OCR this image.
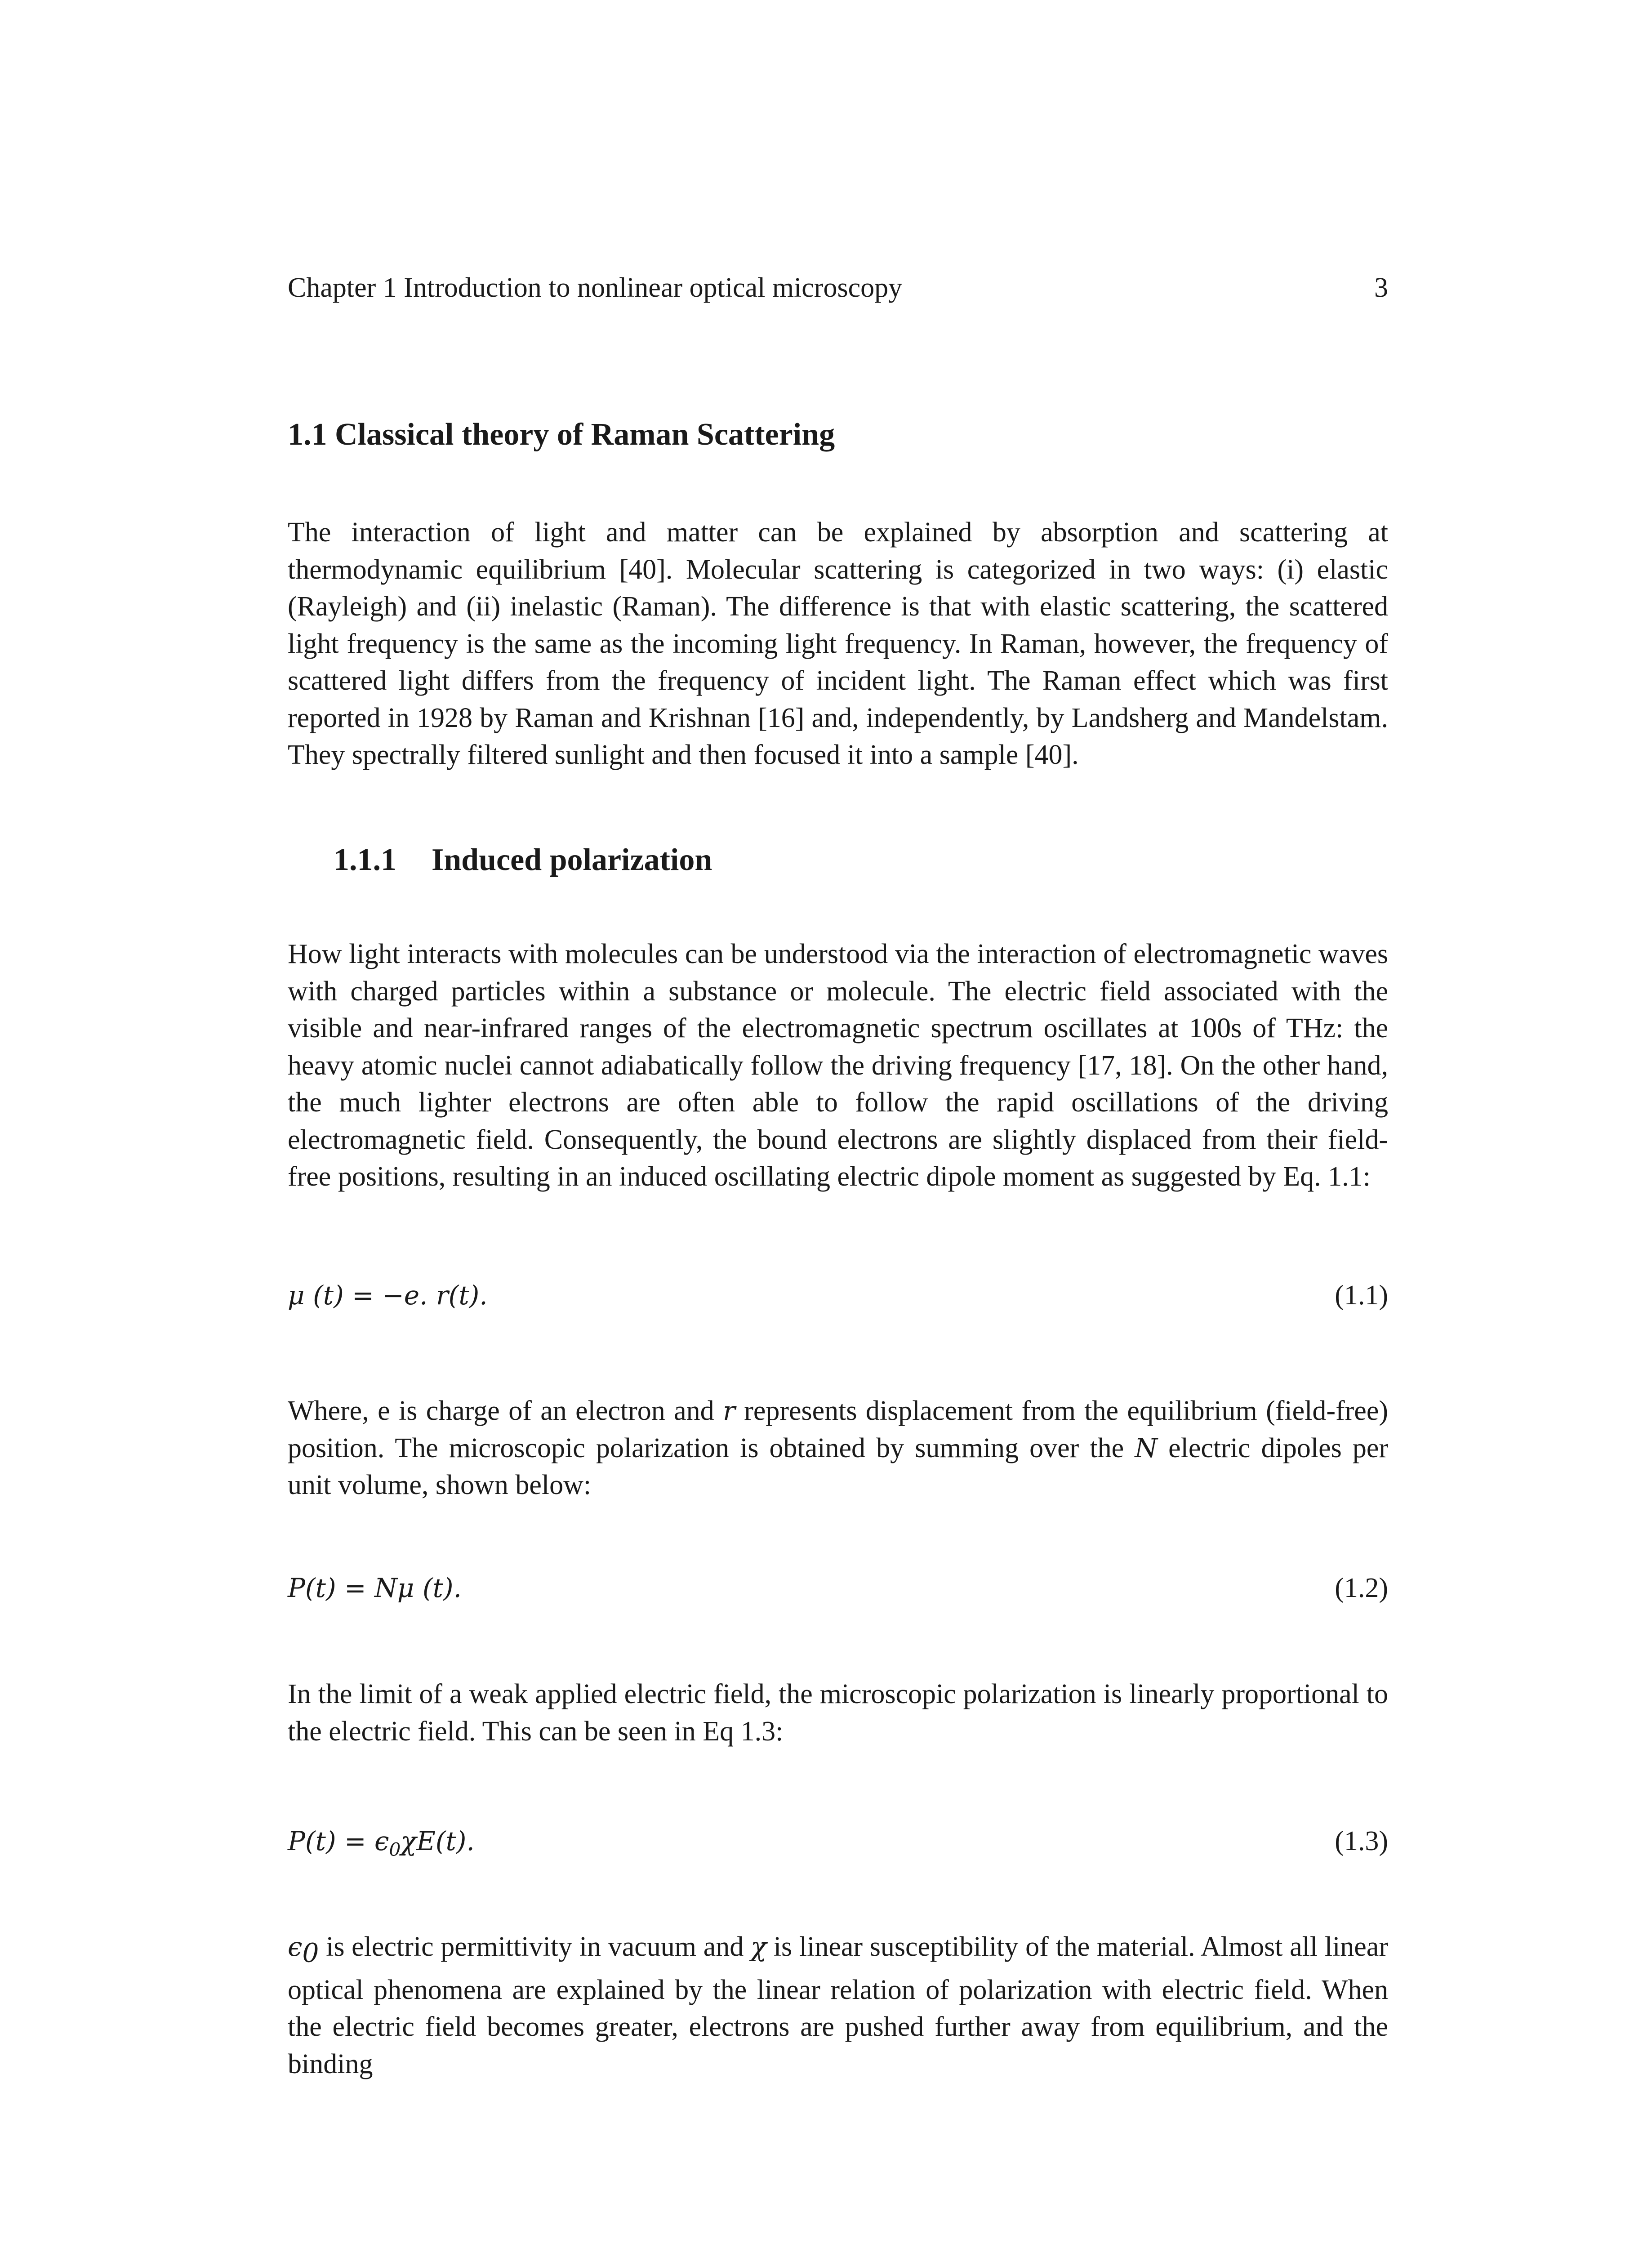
Chapter 1 Introduction to nonlinear optical microscopy	3
1.1 Classical theory of Raman Scattering

The interaction of light and matter can be explained by absorption and scattering at thermodynamic equilibrium [40]. Molecular scattering is categorized in two ways: (i) elastic (Rayleigh) and (ii) inelastic (Raman). The difference is that with elastic scattering, the scattered light frequency is the same as the incoming light frequency. In Raman, however, the frequency of scattered light differs from the frequency of incident light. The Raman effect which was first reported in 1928 by Raman and Krishnan [16] and, independently, by Landsherg and Mandelstam. They spectrally filtered sunlight and then focused it into a sample [40].

1.1.1 Induced polarization

How light interacts with molecules can be understood via the interaction of electromagnetic waves with charged particles within a substance or molecule. The electric field associated with the visible and near-infrared ranges of the electromagnetic spectrum oscillates at 100s of THz: the heavy atomic nuclei cannot adiabatically follow the driving frequency [17, 18]. On the other hand, the much lighter electrons are often able to follow the rapid oscillations of the driving electromagnetic field. Consequently, the bound electrons are slightly displaced from their field-free positions, resulting in an induced oscillating electric dipole moment as suggested by Eq. 1.1:

μ (t) = −e. r(t).	(1.1)

Where, e is charge of an electron and r represents displacement from the equilibrium (field-free) position. The microscopic polarization is obtained by summing over the N electric dipoles per unit volume, shown below:

P(t) = Nμ (t).	(1.2)

In the limit of a weak applied electric field, the microscopic polarization is linearly proportional to the electric field. This can be seen in Eq 1.3:

$P(t) = \epsilon_0\chi E(t)$.	(1.3)

$\epsilon_0$ is electric permittivity in vacuum and χ is linear susceptibility of the material. Almost all linear optical phenomena are explained by the linear relation of polarization with electric field. When the electric field becomes greater, electrons are pushed further away from equilibrium, and the binding
